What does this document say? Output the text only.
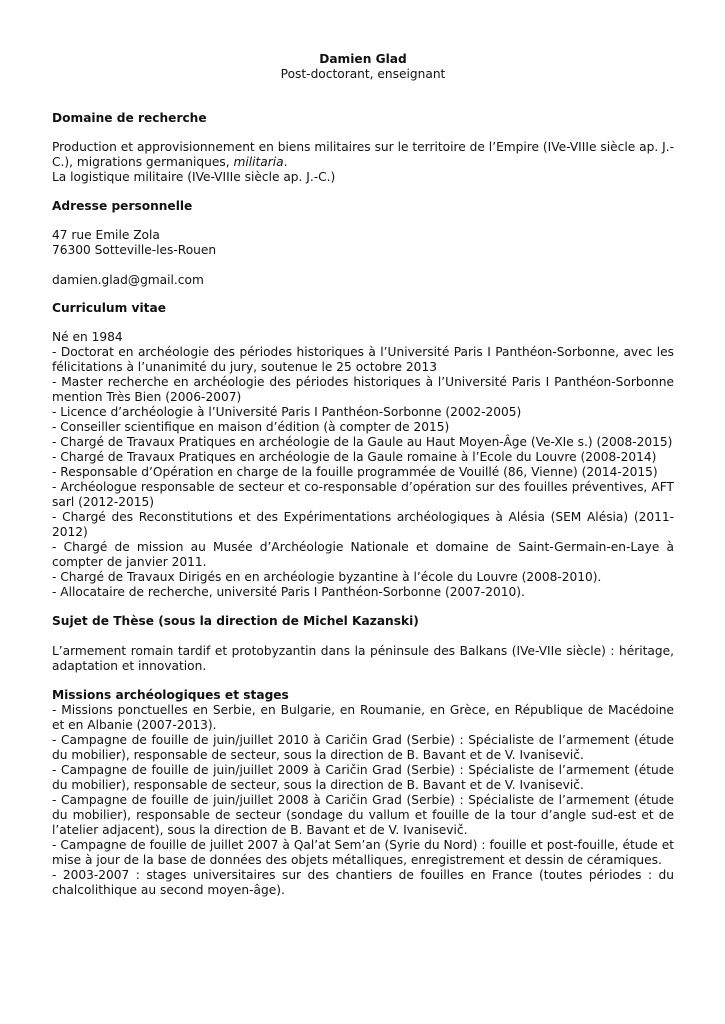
Damien Glad
Post-doctorant, enseignant
Domaine de recherche

Production et approvisionnement en biens militaires sur le territoire de l’Empire (IVe-VIIIe siècle ap. J.-C.), migrations germaniques, militaria.

La logistique militaire (IVe-VIIIe siècle ap. J.-C.)

Adresse personnelle
47 rue Emile Zola
76300 Sotteville-les-Rouen
damien.glad@gmail.com
Curriculum vitae
Né en 1984
- Doctorat en archéologie des périodes historiques à l’Université Paris I Panthéon-Sorbonne, avec les félicitations à l’unanimité du jury, soutenue le 25 octobre 2013
- Master recherche en archéologie des périodes historiques à l’Université Paris I Panthéon-Sorbonne mention Très Bien (2006-2007)
- Licence d’archéologie à l’Université Paris I Panthéon-Sorbonne (2002-2005)
- Conseiller scientifique en maison d’édition (à compter de 2015)
- Chargé de Travaux Pratiques en archéologie de la Gaule au Haut Moyen-Âge (Ve-XIe s.) (2008-2015)
- Chargé de Travaux Pratiques en archéologie de la Gaule romaine à l’Ecole du Louvre (2008-2014)
- Responsable d’Opération en charge de la fouille programmée de Vouillé (86, Vienne) (2014-2015)
- Archéologue responsable de secteur et co-responsable d’opération sur des fouilles préventives, AFT sarl (2012-2015)
- Chargé des Reconstitutions et des Expérimentations archéologiques à Alésia (SEM Alésia) (2011-2012)
- Chargé de mission au Musée d’Archéologie Nationale et domaine de Saint-Germain-en-Laye à compter de janvier 2011.
- Chargé de Travaux Dirigés en en archéologie byzantine à l’école du Louvre (2008-2010).
- Allocataire de recherche, université Paris I Panthéon-Sorbonne (2007-2010).
Sujet de Thèse (sous la direction de Michel Kazanski)

L’armement romain tardif et protobyzantin dans la péninsule des Balkans (IVe-VIIe siècle) : héritage, adaptation et innovation.

Missions archéologiques et stages
- Missions ponctuelles en Serbie, en Bulgarie, en Roumanie, en Grèce, en République de Macédoine et en Albanie (2007-2013).
- Campagne de fouille de juin/juillet 2010 à Caričin Grad (Serbie) : Spécialiste de l’armement (étude du mobilier), responsable de secteur, sous la direction de B. Bavant et de V. Ivanisevič.
- Campagne de fouille de juin/juillet 2009 à Caričin Grad (Serbie) : Spécialiste de l’armement (étude du mobilier), responsable de secteur, sous la direction de B. Bavant et de V. Ivanisevič.
- Campagne de fouille de juin/juillet 2008 à Caričin Grad (Serbie) : Spécialiste de l’armement (étude du mobilier), responsable de secteur (sondage du vallum et fouille de la tour d’angle sud-est et de l’atelier adjacent), sous la direction de B. Bavant et de V. Ivanisevič.
- Campagne de fouille de juillet 2007 à Qal’at Sem’an (Syrie du Nord) : fouille et post-fouille, étude et mise à jour de la base de données des objets métalliques, enregistrement et dessin de céramiques.
- 2003-2007 : stages universitaires sur des chantiers de fouilles en France (toutes périodes : du chalcolithique au second moyen-âge).
